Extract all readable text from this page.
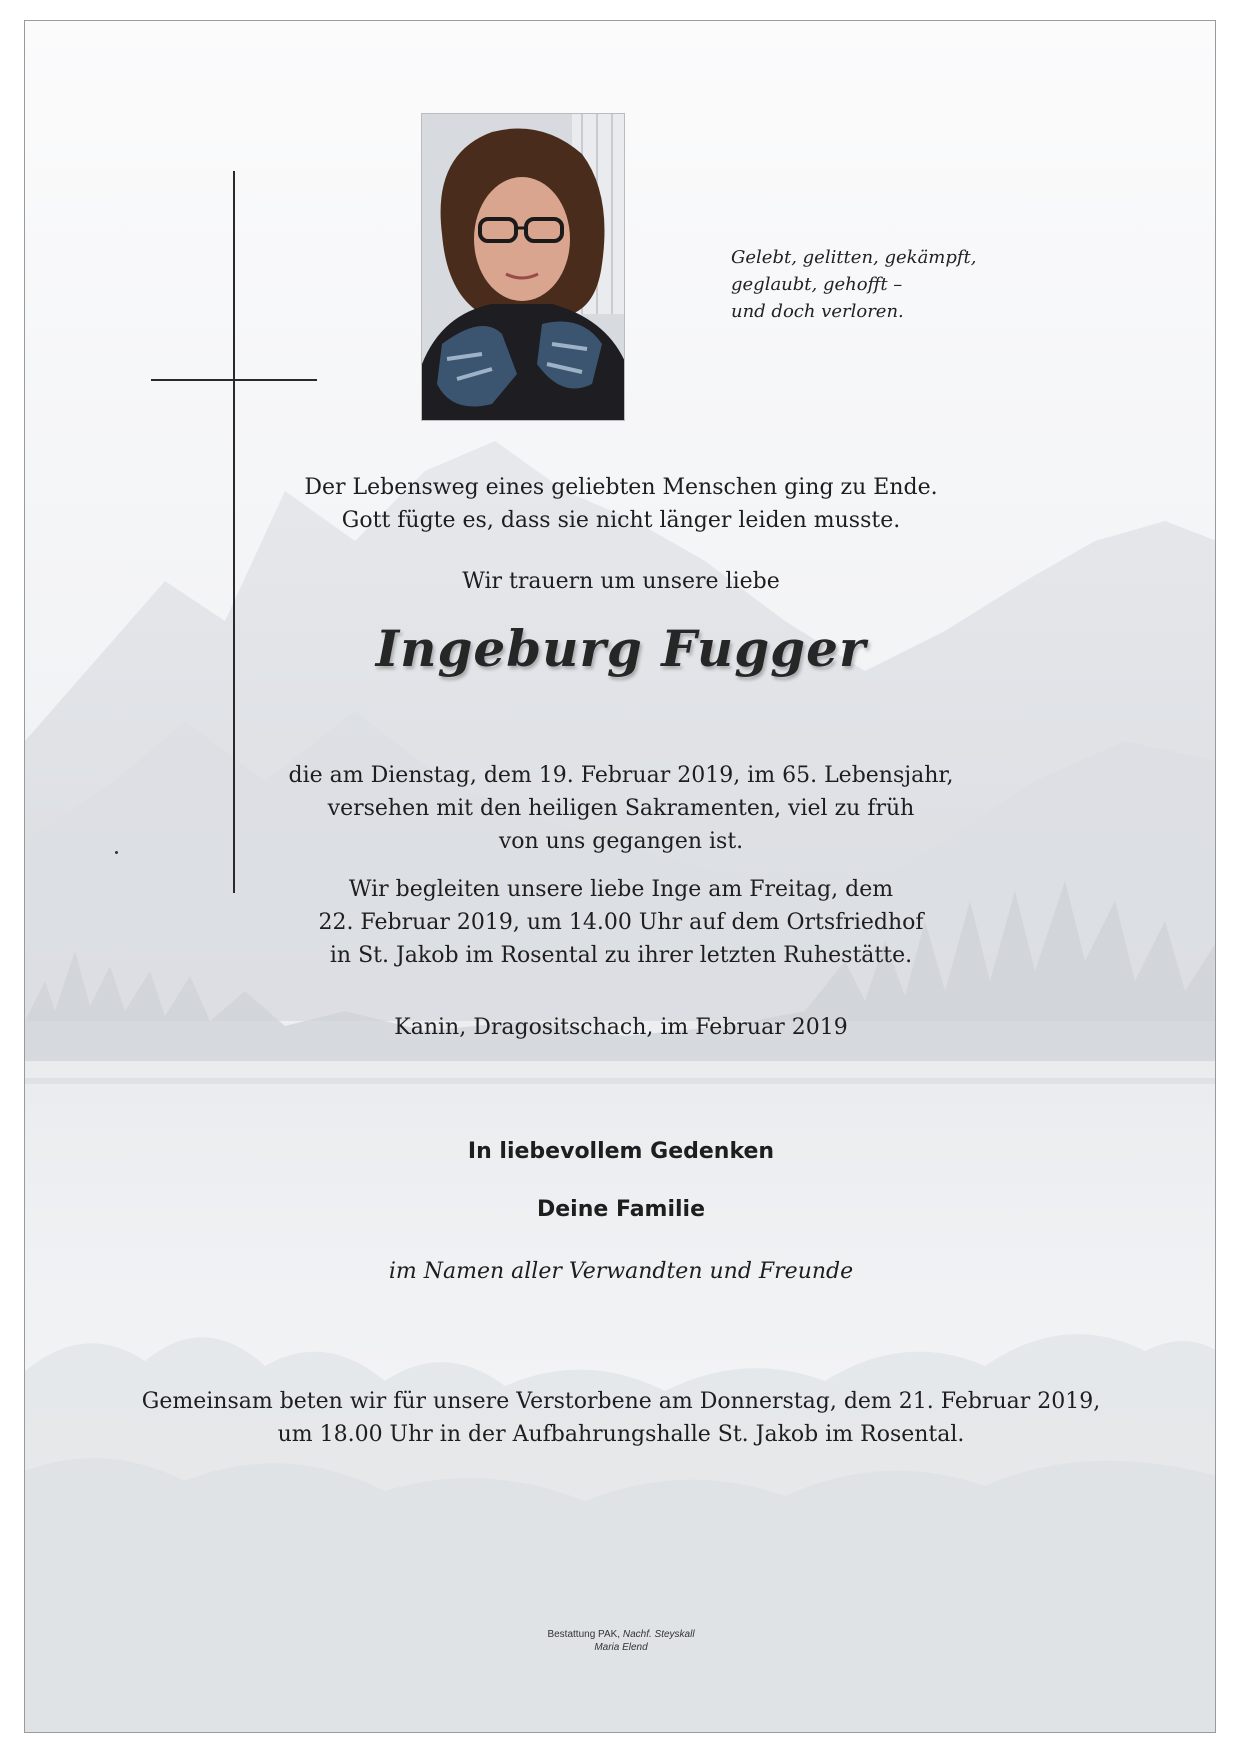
Gelebt, gelitten, gekämpft,
geglaubt, gehofft –
und doch verloren.
Der Lebensweg eines geliebten Menschen ging zu Ende.
Gott fügte es, dass sie nicht länger leiden musste.
Wir trauern um unsere liebe
Ingeburg Fugger
die am Dienstag, dem 19. Februar 2019, im 65. Lebensjahr,
versehen mit den heiligen Sakramenten, viel zu früh
von uns gegangen ist.
Wir begleiten unsere liebe Inge am Freitag, dem
22. Februar 2019, um 14.00 Uhr auf dem Ortsfriedhof
in St. Jakob im Rosental zu ihrer letzten Ruhestätte.
Kanin, Dragositschach, im Februar 2019
In liebevollem Gedenken
Deine Familie
im Namen aller Verwandten und Freunde
Gemeinsam beten wir für unsere Verstorbene am Donnerstag, dem 21. Februar 2019,
um 18.00 Uhr in der Aufbahrungshalle St. Jakob im Rosental.
Bestattung PAK, Nachf. Steyskall
Maria Elend
